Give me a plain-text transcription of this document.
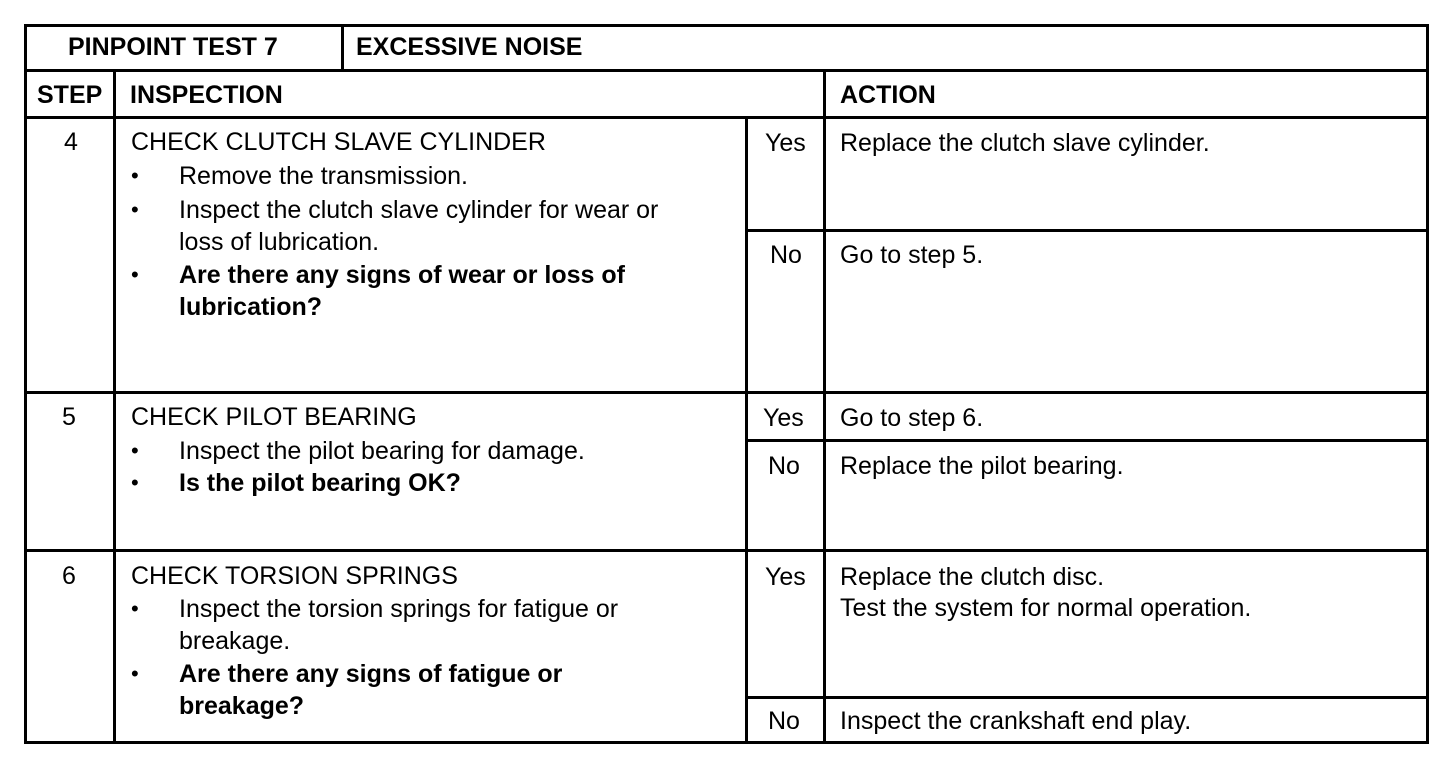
PINPOINT TEST 7	EXCESSIVE NOISE
STEP INSPECTION	ACTION
4 CHECK CLUTCH SLAVE CYLINDER
• Remove the transmission.
• Inspect the clutch slave cylinder for wear or
loss of lubrication.
• Are there any signs of wear or loss of
lubrication?
Yes Replace the clutch slave cylinder.
No Go to step 5.
5 CHECK PILOT BEARING
• Inspect the pilot bearing for damage.
• Is the pilot bearing OK?
Yes Go to step 6.
No Replace the pilot bearing.
6 CHECK TORSION SPRINGS
• Inspect the torsion springs for fatigue or
breakage.
• Are there any signs of fatigue or
breakage?
Yes Replace the clutch disc.
Test the system for normal operation.
No Inspect the crankshaft end play.
